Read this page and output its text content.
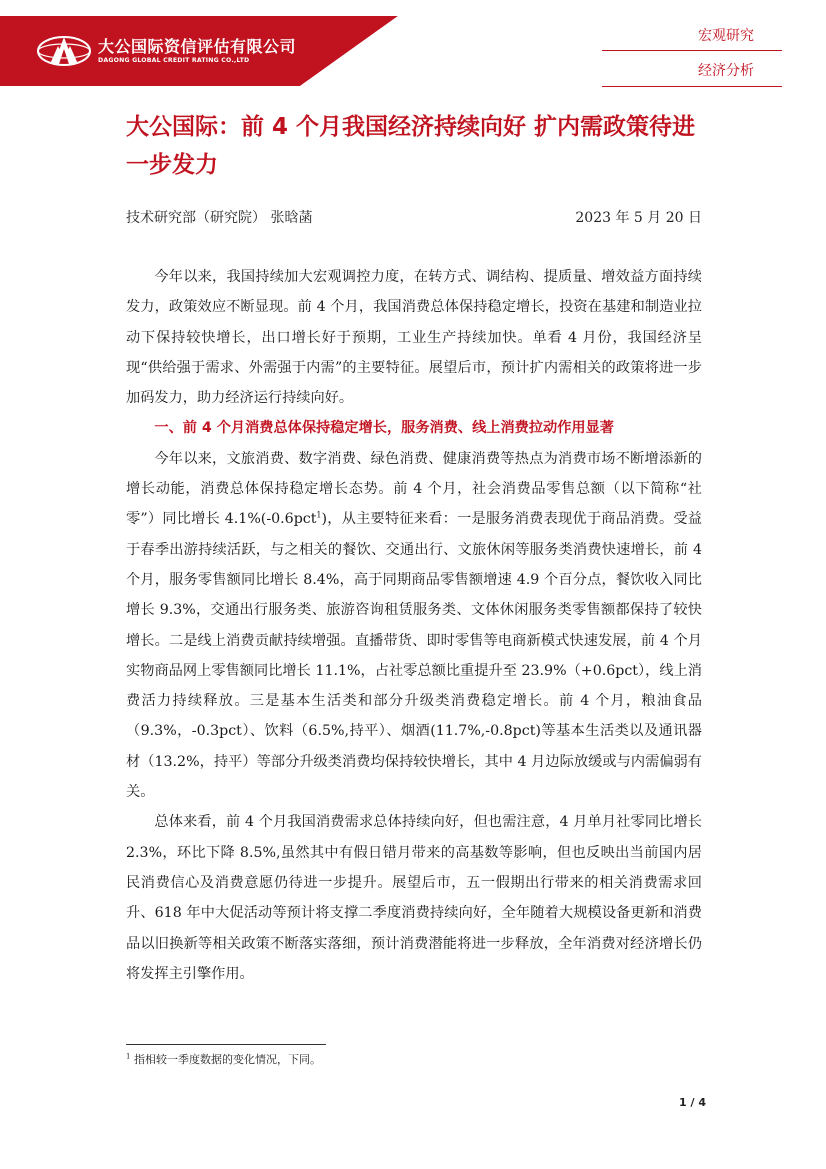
大公国际资信评估有限公司
DAGONG GLOBAL CREDIT RATING CO.,LTD
宏观研究
经济分析
大公国际：前 4 个月我国经济持续向好 扩内需政策待进一步发力
技术研究部（研究院） 张晗菡	2023 年 5 月 20 日

今年以来，我国持续加大宏观调控力度，在转方式、调结构、提质量、增效益方面持续发力，政策效应不断显现。前 4 个月，我国消费总体保持稳定增长，投资在基建和制造业拉动下保持较快增长，出口增长好于预期，工业生产持续加快。单看 4 月份，我国经济呈现“供给强于需求、外需强于内需”的主要特征。展望后市，预计扩内需相关的政策将进一步加码发力，助力经济运行持续向好。

一、前 4 个月消费总体保持稳定增长，服务消费、线上消费拉动作用显著

今年以来，文旅消费、数字消费、绿色消费、健康消费等热点为消费市场不断增添新的增长动能，消费总体保持稳定增长态势。前 4 个月，社会消费品零售总额（以下简称“社零”）同比增长 4.1%(-0.6pct$^1$)，从主要特征来看：一是服务消费表现优于商品消费。受益于春季出游持续活跃，与之相关的餐饮、交通出行、文旅休闲等服务类消费快速增长，前 4 个月，服务零售额同比增长 8.4%，高于同期商品零售额增速 4.9 个百分点，餐饮收入同比增长 9.3%，交通出行服务类、旅游咨询租赁服务类、文体休闲服务类零售额都保持了较快增长。二是线上消费贡献持续增强。直播带货、即时零售等电商新模式快速发展，前 4 个月实物商品网上零售额同比增长 11.1%，占社零总额比重提升至 23.9%（+0.6pct），线上消费活力持续释放。三是基本生活类和部分升级类消费稳定增长。前 4 个月，粮油食品（9.3%，-0.3pct）、饮料（6.5%,持平）、烟酒(11.7%,-0.8pct)等基本生活类以及通讯器材（13.2%，持平）等部分升级类消费均保持较快增长，其中 4 月边际放缓或与内需偏弱有关。

总体来看，前 4 个月我国消费需求总体持续向好，但也需注意，4 月单月社零同比增长 2.3%，环比下降 8.5%,虽然其中有假日错月带来的高基数等影响，但也反映出当前国内居民消费信心及消费意愿仍待进一步提升。展望后市，五一假期出行带来的相关消费需求回升、618 年中大促活动等预计将支撑二季度消费持续向好，全年随着大规模设备更新和消费品以旧换新等相关政策不断落实落细，预计消费潜能将进一步释放，全年消费对经济增长仍将发挥主引擎作用。

$^1$ 指相较一季度数据的变化情况，下同。
1 / 4
